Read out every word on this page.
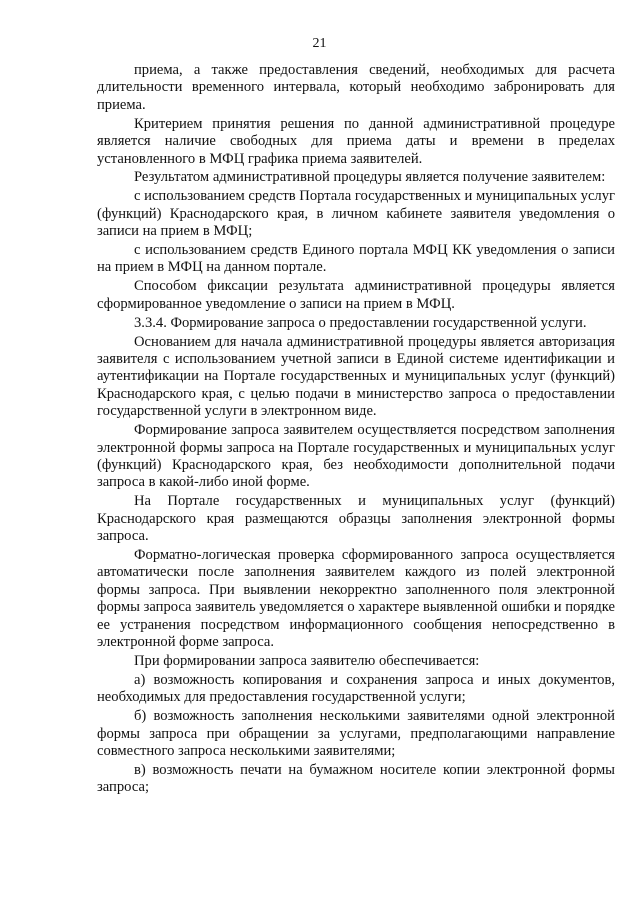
21

приема, а также предоставления сведений, необходимых для расчета длительности временного интервала, который необходимо забронировать для приема.

Критерием принятия решения по данной административной процедуре является наличие свободных для приема даты и времени в пределах установленного в МФЦ графика приема заявителей.

Результатом административной процедуры является получение заявителем:

с использованием средств Портала государственных и муниципальных услуг (функций) Краснодарского края, в личном кабинете заявителя уведомления о записи на прием в МФЦ;

с использованием средств Единого портала МФЦ КК уведомления о записи на прием в МФЦ на данном портале.

Способом фиксации результата административной процедуры является сформированное уведомление о записи на прием в МФЦ.

3.3.4. Формирование запроса о предоставлении государственной услуги.

Основанием для начала административной процедуры является авторизация заявителя с использованием учетной записи в Единой системе идентификации и аутентификации на Портале государственных и муниципальных услуг (функций) Краснодарского края, с целью подачи в министерство запроса о предоставлении государственной услуги в электронном виде.

Формирование запроса заявителем осуществляется посредством заполнения электронной формы запроса на Портале государственных и муниципальных услуг (функций) Краснодарского края, без необходимости дополнительной подачи запроса в какой-либо иной форме.

На Портале государственных и муниципальных услуг (функций) Краснодарского края размещаются образцы заполнения электронной формы запроса.

Форматно-логическая проверка сформированного запроса осуществляется автоматически после заполнения заявителем каждого из полей электронной формы запроса. При выявлении некорректно заполненного поля электронной формы запроса заявитель уведомляется о характере выявленной ошибки и порядке ее устранения посредством информационного сообщения непосредственно в электронной форме запроса.

При формировании запроса заявителю обеспечивается:

а) возможность копирования и сохранения запроса и иных документов, необходимых для предоставления государственной услуги;

б) возможность заполнения несколькими заявителями одной электронной формы запроса при обращении за услугами, предполагающими направление совместного запроса несколькими заявителями;

в) возможность печати на бумажном носителе копии электронной формы запроса;
